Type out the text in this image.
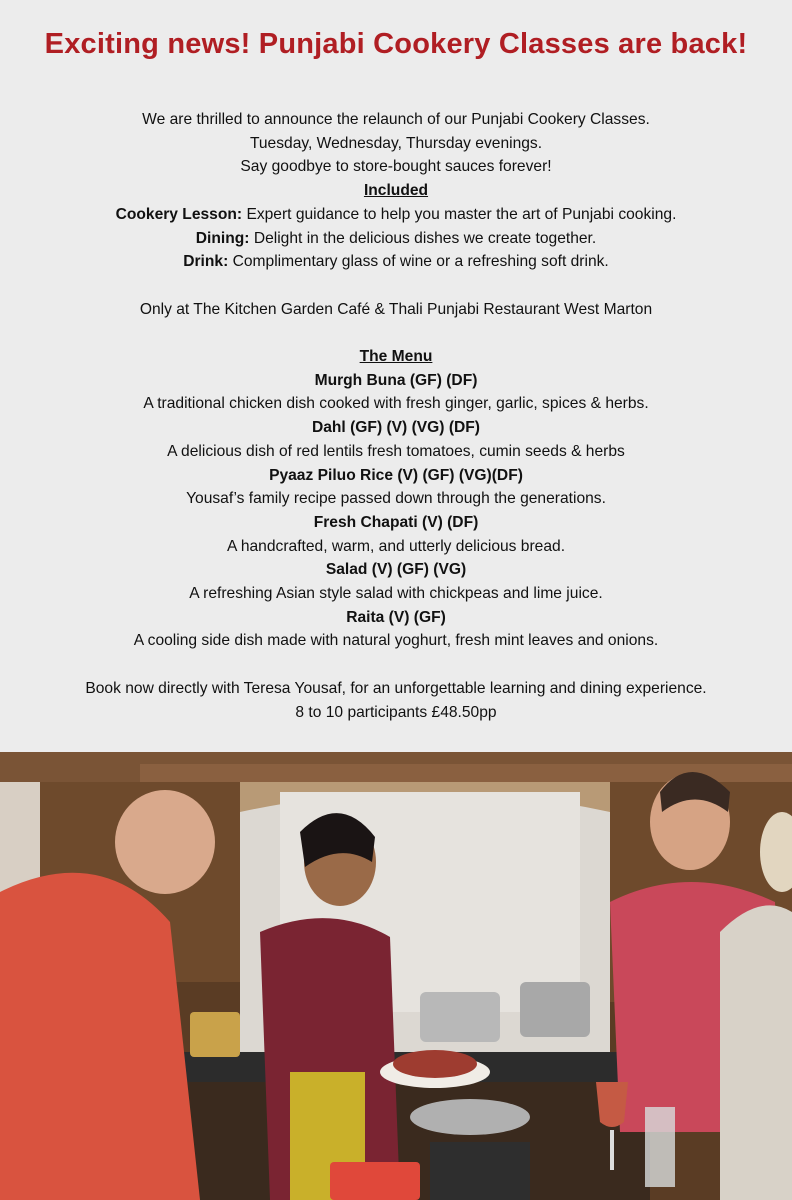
Exciting news! Punjabi Cookery Classes are back!
We are thrilled to announce the relaunch of our Punjabi Cookery Classes.
Tuesday, Wednesday, Thursday evenings.
Say goodbye to store-bought sauces forever!
Included
Cookery Lesson: Expert guidance to help you master the art of Punjabi cooking.
Dining: Delight in the delicious dishes we create together.
Drink: Complimentary glass of wine or a refreshing soft drink.
Only at The Kitchen Garden Café & Thali Punjabi Restaurant West Marton
The Menu
Murgh Buna (GF) (DF)
A traditional chicken dish cooked with fresh ginger, garlic, spices & herbs.
Dahl (GF) (V) (VG) (DF)
A delicious dish of red lentils fresh tomatoes, cumin seeds & herbs
Pyaaz Piluo Rice (V) (GF) (VG)(DF)
Yousaf’s family recipe passed down through the generations.
Fresh Chapati (V) (DF)
A handcrafted, warm, and utterly delicious bread.
Salad (V) (GF) (VG)
A refreshing Asian style salad with chickpeas and lime juice.
Raita (V) (GF)
A cooling side dish made with natural yoghurt, fresh mint leaves and onions.
Book now directly with Teresa Yousaf, for an unforgettable learning and dining experience.
8 to 10 participants £48.50pp
